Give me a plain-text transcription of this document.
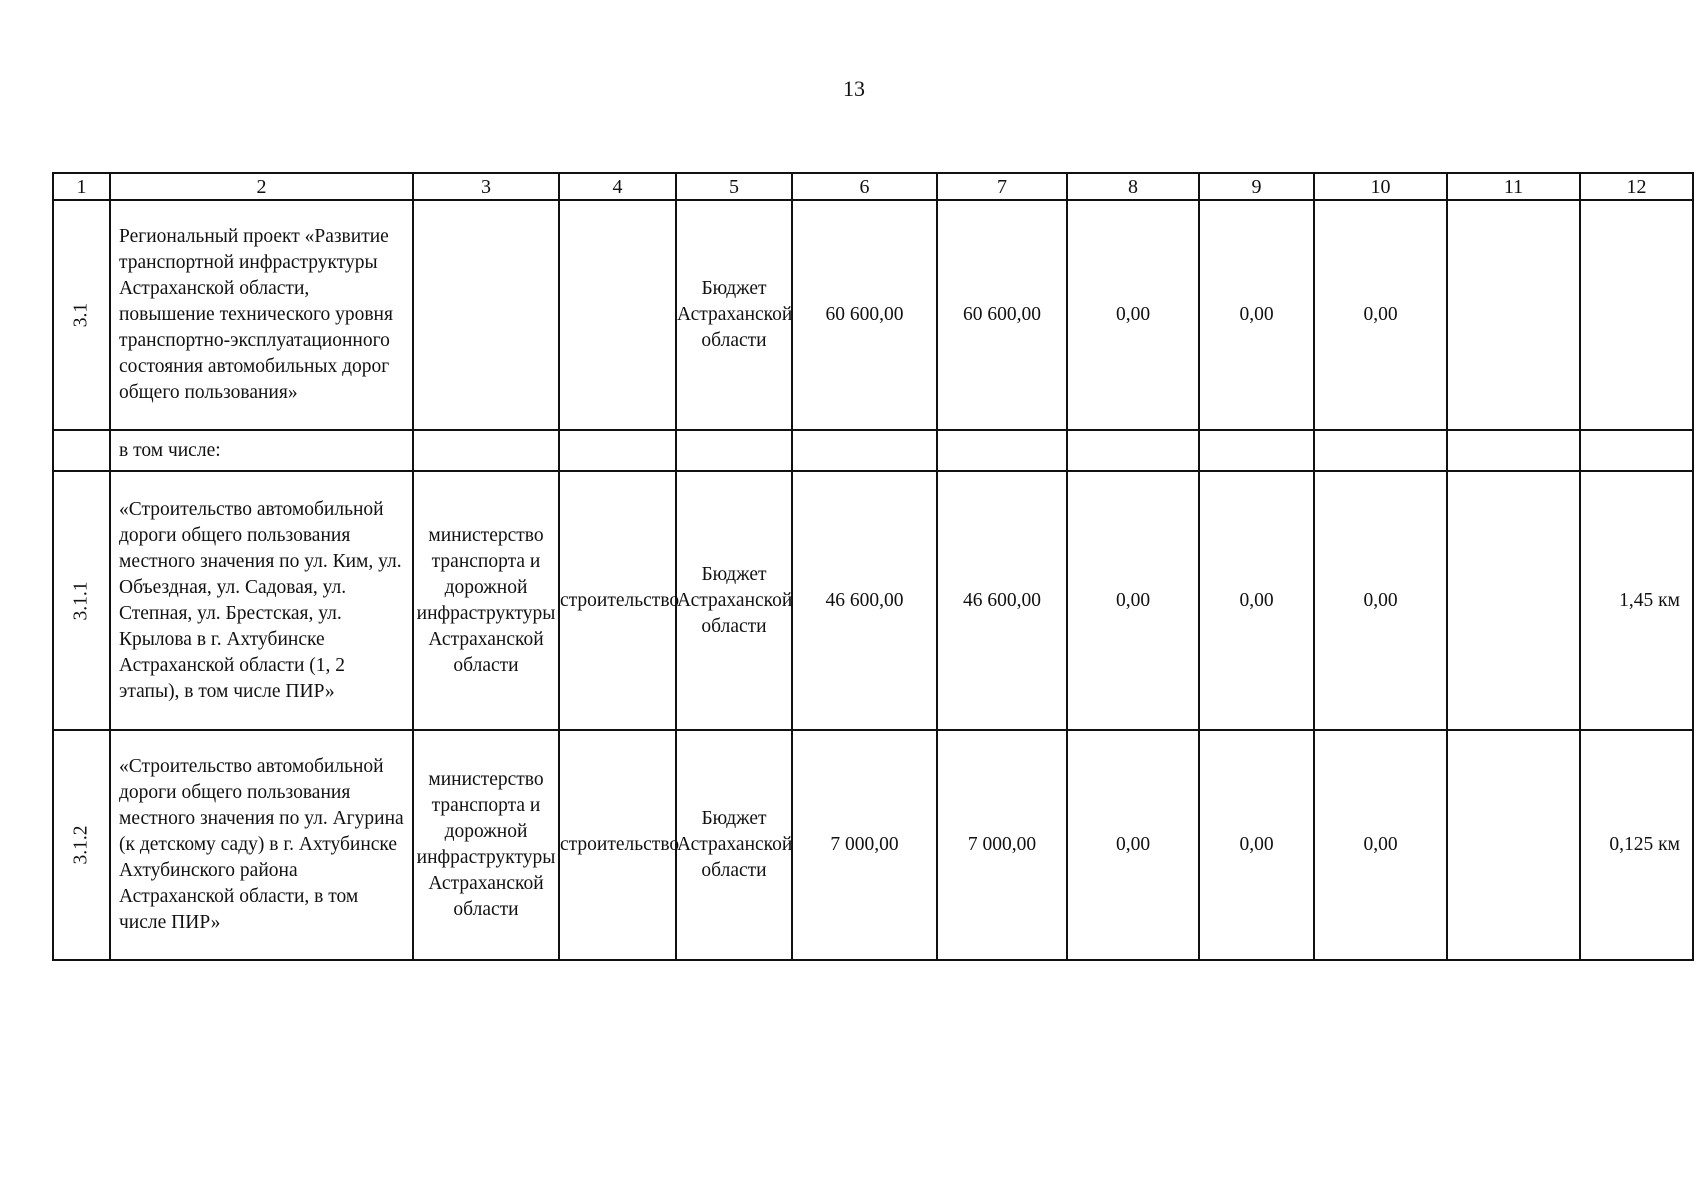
13
1	2	3	4	5	6	7	8	9	10	11	12

3.1	Региональный проект «Развитие транспортной инфраструктуры Астраханской области, повышение технического уровня транспортно-эксплуатационного состояния автомобильных дорог общего пользования»			Бюджет Астраханской области	60 600,00	60 600,00	0,00	0,00	0,00		

	в том числе:										

3.1.1	«Строительство автомобильной дороги общего пользования местного значения по ул. Ким, ул. Объездная, ул. Садовая, ул. Степная, ул. Брестская, ул. Крылова в г. Ахтубинске Астраханской области (1, 2 этапы), в том числе ПИР»	министерство транспорта и дорожной инфраструктуры Астраханской области	строительство	Бюджет Астраханской области	46 600,00	46 600,00	0,00	0,00	0,00		1,45 км

3.1.2	«Строительство автомобильной дороги общего пользования местного значения по ул. Агурина (к детскому саду) в г. Ахтубинске Ахтубинского района Астраханской области, в том числе ПИР»	министерство транспорта и дорожной инфраструктуры Астраханской области	строительство	Бюджет Астраханской области	7 000,00	7 000,00	0,00	0,00	0,00		0,125 км
